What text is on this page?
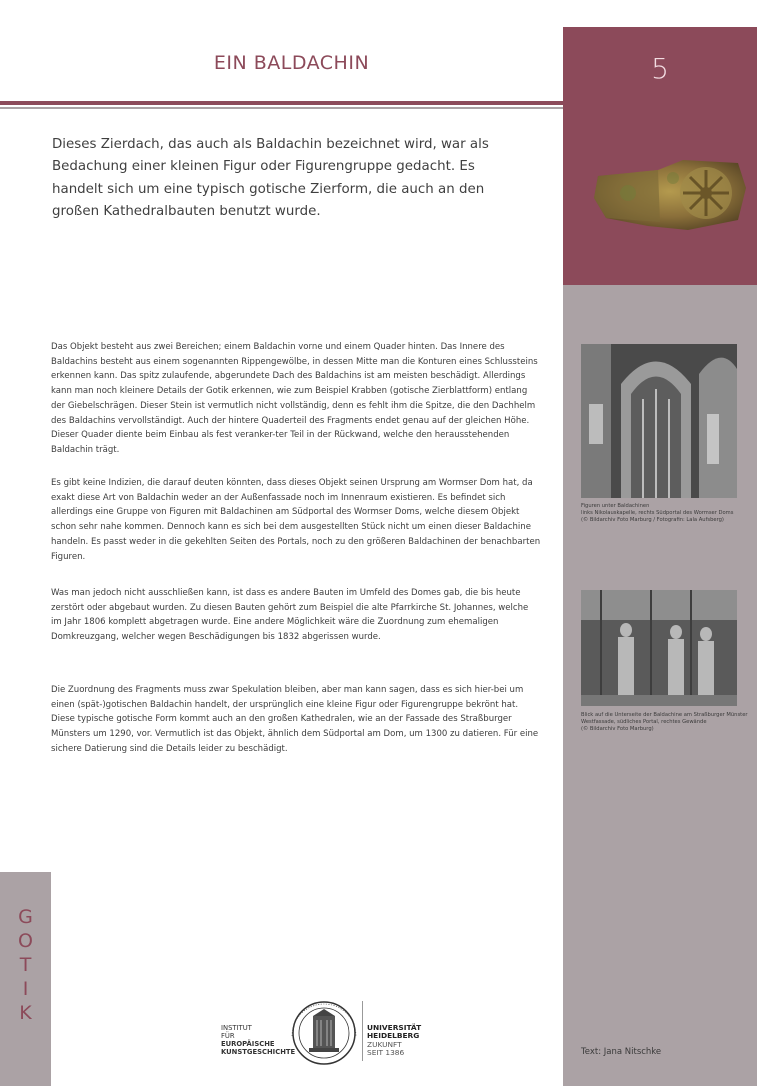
5
EIN BALDACHIN
Dieses Zierdach, das auch als Baldachin bezeichnet wird, war als Bedachung einer kleinen Figur oder Figurengruppe gedacht. Es handelt sich um eine typisch gotische Zierform, die auch an den großen Kathedralbauten benutzt wurde.

Das Objekt besteht aus zwei Bereichen; einem Baldachin vorne und einem Quader hinten. Das Innere des Baldachins besteht aus einem sogenannten Rippengewölbe, in dessen Mitte man die Konturen eines Schlussteins erkennen kann. Das spitz zulaufende, abgerundete Dach des Baldachins ist am meisten beschädigt. Allerdings kann man noch kleinere Details der Gotik erkennen, wie zum Beispiel Krabben (gotische Zierblattform) entlang der Giebelschrägen. Dieser Stein ist vermutlich nicht vollständig, denn es fehlt ihm die Spitze, die den Dachhelm des Baldachins vervollständigt. Auch der hintere Quaderteil des Fragments endet genau auf der gleichen Höhe. Dieser Quader diente beim Einbau als fest veranker-ter Teil in der Rückwand, welche den herausstehenden Baldachin trägt.

Es gibt keine Indizien, die darauf deuten könnten, dass dieses Objekt seinen Ursprung am Wormser Dom hat, da exakt diese Art von Baldachin weder an der Außenfassade noch im Innenraum existieren. Es befindet sich allerdings eine Gruppe von Figuren mit Baldachinen am Südportal des Wormser Doms, welche diesem Objekt schon sehr nahe kommen. Dennoch kann es sich bei dem ausgestellten Stück nicht um einen dieser Baldachine handeln. Es passt weder in die gekehlten Seiten des Portals, noch zu den größeren Baldachinen der benachbarten Figuren.

Was man jedoch nicht ausschließen kann, ist dass es andere Bauten im Umfeld des Domes gab, die bis heute zerstört oder abgebaut wurden. Zu diesen Bauten gehört zum Beispiel die alte Pfarrkirche St. Johannes, welche im Jahr 1806 komplett abgetragen wurde. Eine andere Möglichkeit wäre die Zuordnung zum ehemaligen Domkreuzgang, welcher wegen Beschädigungen bis 1832 abgerissen wurde.

Die Zuordnung des Fragments muss zwar Spekulation bleiben, aber man kann sagen, dass es sich hier-bei um einen (spät-)gotischen Baldachin handelt, der ursprünglich eine kleine Figur oder Figurengruppe bekrönt hat. Diese typische gotische Form kommt auch an den großen Kathedralen, wie an der Fassade des Straßburger Münsters um 1290, vor. Vermutlich ist das Objekt, ähnlich dem Südportal am Dom, um 1300 zu datieren. Für eine sichere Datierung sind die Details leider zu beschädigt.

Figuren unter Baldachinen
links Nikolauskapelle, rechts Südportal des Wormser Doms
(© Bildarchiv Foto Marburg / Fotografin: Lala Aufsberg)
Blick auf die Unterseite der Baldachine am Straßburger Münster
Westfassade, südliches Portal, rechtes Gewände
(© Bildarchiv Foto Marburg)
Text: Jana Nitschke
G
O
T
I
K
INSTITUT
FÜR
EUROPÄISCHE
KUNSTGESCHICHTE
UNIVERSITÄT
HEIDELBERG
ZUKUNFT
SEIT 1386
